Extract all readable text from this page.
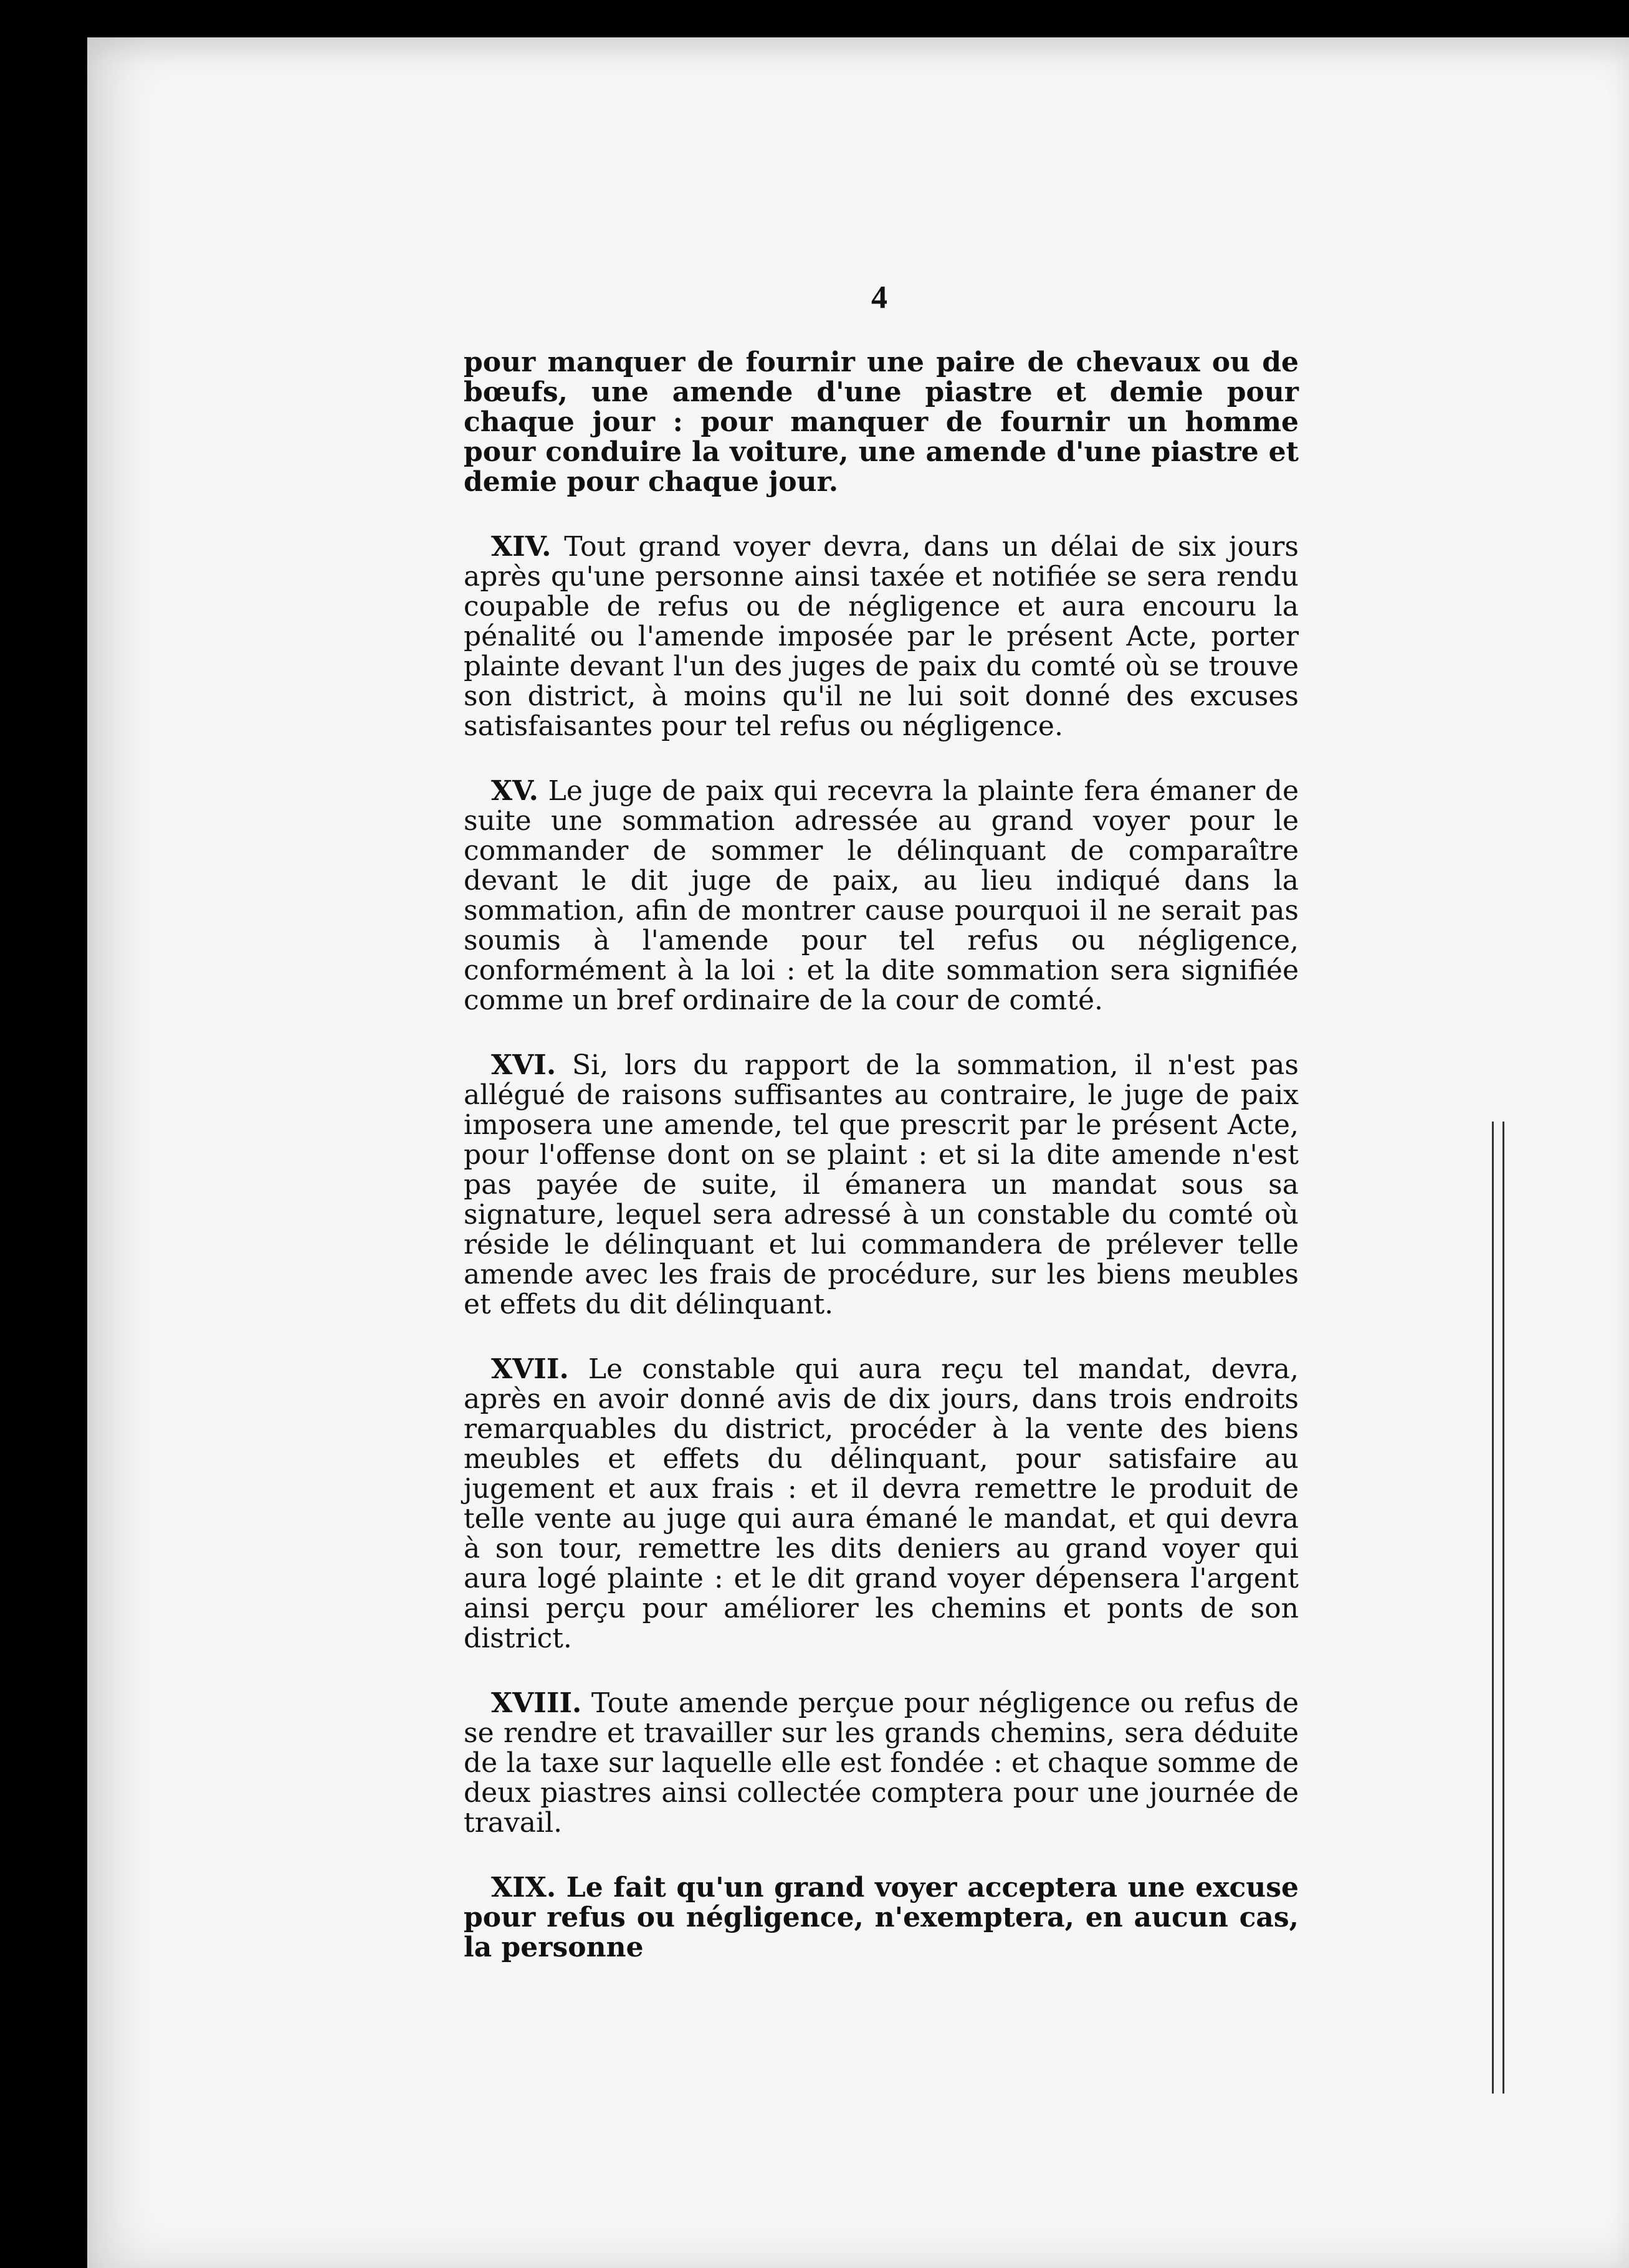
4

pour manquer de fournir une paire de chevaux ou de bœufs, une amende d'une piastre et demie pour chaque jour : pour manquer de fournir un homme pour conduire la voiture, une amende d'une piastre et demie pour chaque jour.

XIV. Tout grand voyer devra, dans un délai de six jours après qu'une personne ainsi taxée et notifiée se sera rendu coupable de refus ou de négligence et aura encouru la pénalité ou l'amende imposée par le présent Acte, porter plainte devant l'un des juges de paix du comté où se trouve son district, à moins qu'il ne lui soit donné des excuses satisfaisantes pour tel refus ou négligence.

XV. Le juge de paix qui recevra la plainte fera émaner de suite une sommation adressée au grand voyer pour le commander de sommer le délinquant de comparaître devant le dit juge de paix, au lieu indiqué dans la sommation, afin de montrer cause pourquoi il ne serait pas soumis à l'amende pour tel refus ou négligence, conformément à la loi : et la dite sommation sera signifiée comme un bref ordinaire de la cour de comté.

XVI. Si, lors du rapport de la sommation, il n'est pas allégué de raisons suffisantes au contraire, le juge de paix imposera une amende, tel que prescrit par le présent Acte, pour l'offense dont on se plaint : et si la dite amende n'est pas payée de suite, il émanera un mandat sous sa signature, lequel sera adressé à un constable du comté où réside le délinquant et lui commandera de prélever telle amende avec les frais de procédure, sur les biens meubles et effets du dit délinquant.

XVII. Le constable qui aura reçu tel mandat, devra, après en avoir donné avis de dix jours, dans trois endroits remarquables du district, procéder à la vente des biens meubles et effets du délinquant, pour satisfaire au jugement et aux frais : et il devra remettre le produit de telle vente au juge qui aura émané le mandat, et qui devra à son tour, remettre les dits deniers au grand voyer qui aura logé plainte : et le dit grand voyer dépensera l'argent ainsi perçu pour améliorer les chemins et ponts de son district.

XVIII. Toute amende perçue pour négligence ou refus de se rendre et travailler sur les grands chemins, sera déduite de la taxe sur laquelle elle est fondée : et chaque somme de deux piastres ainsi collectée comptera pour une journée de travail.

XIX. Le fait qu'un grand voyer acceptera une excuse pour refus ou négligence, n'exemptera, en aucun cas, la personne
